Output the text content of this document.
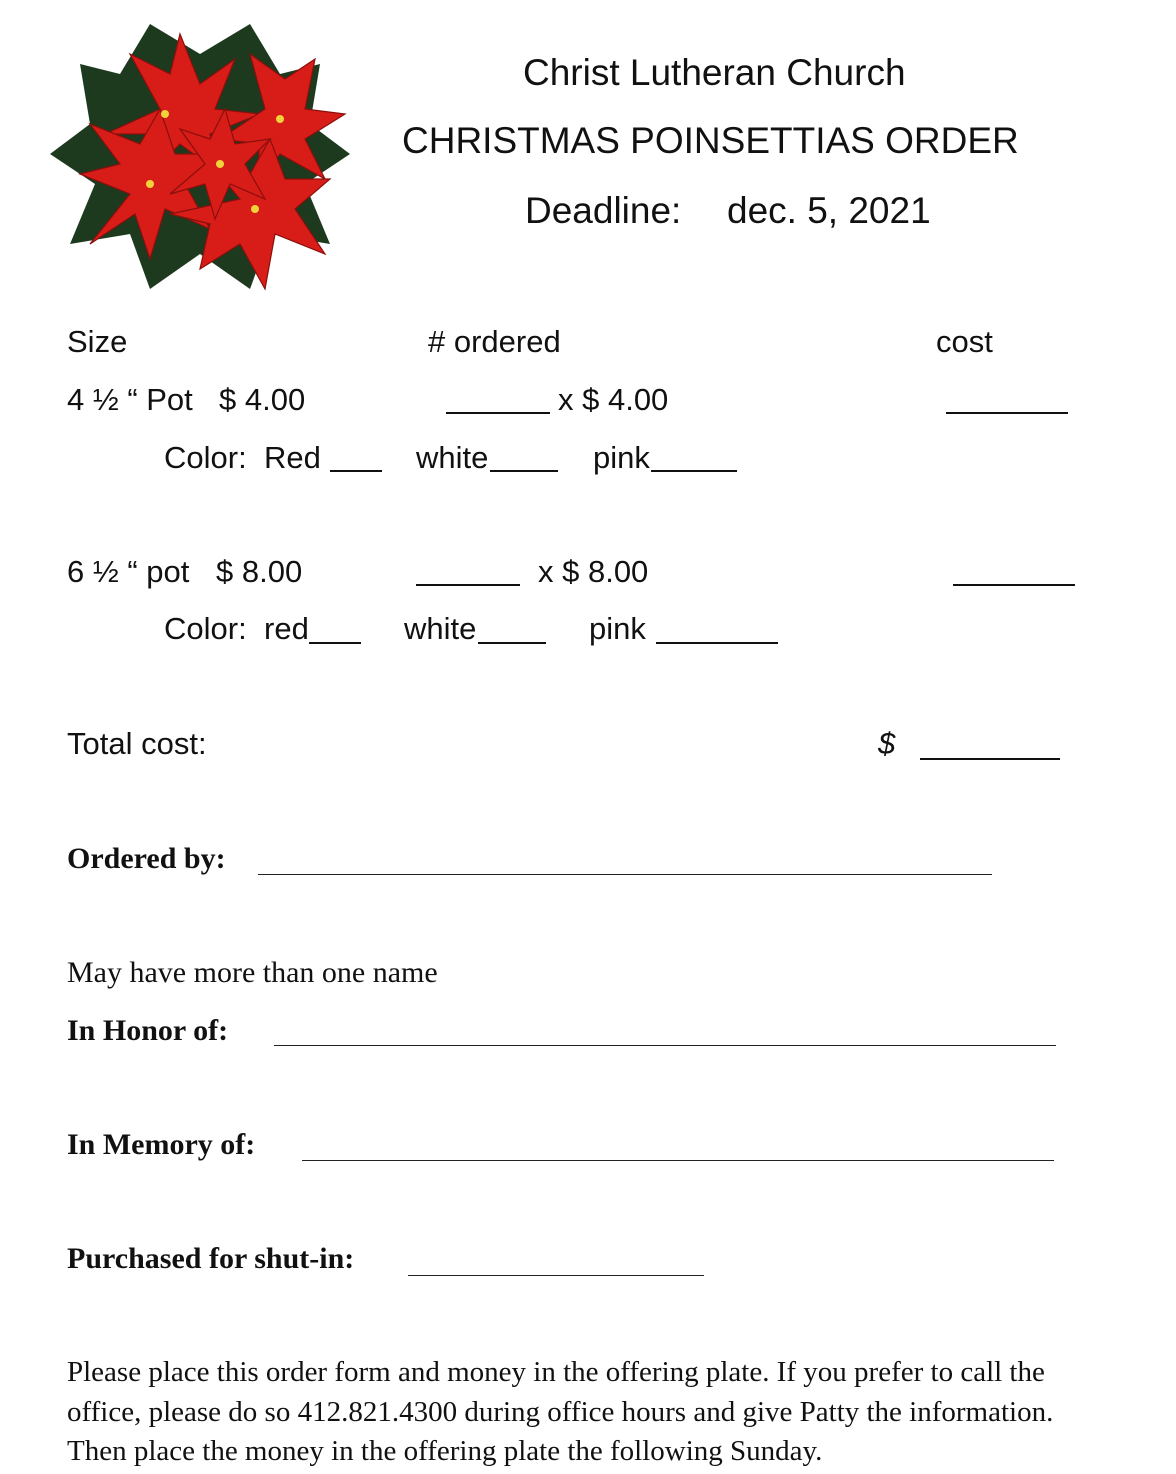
Christ Lutheran Church
CHRISTMAS POINSETTIAS ORDER
Deadline: dec. 5, 2021
Size	# ordered	cost
4 ½ “ Pot $ 4.00	x $ 4.00
Color: Red	white	pink
6 ½ “ pot $ 8.00	x $ 8.00
Color: red	white	pink
Total cost:	$
Ordered by:
May have more than one name
In Honor of:
In Memory of:
Purchased for shut-in:
Please place this order form and money in the offering plate. If you prefer to call the
office, please do so 412.821.4300 during office hours and give Patty the information.
Then place the money in the offering plate the following Sunday.
